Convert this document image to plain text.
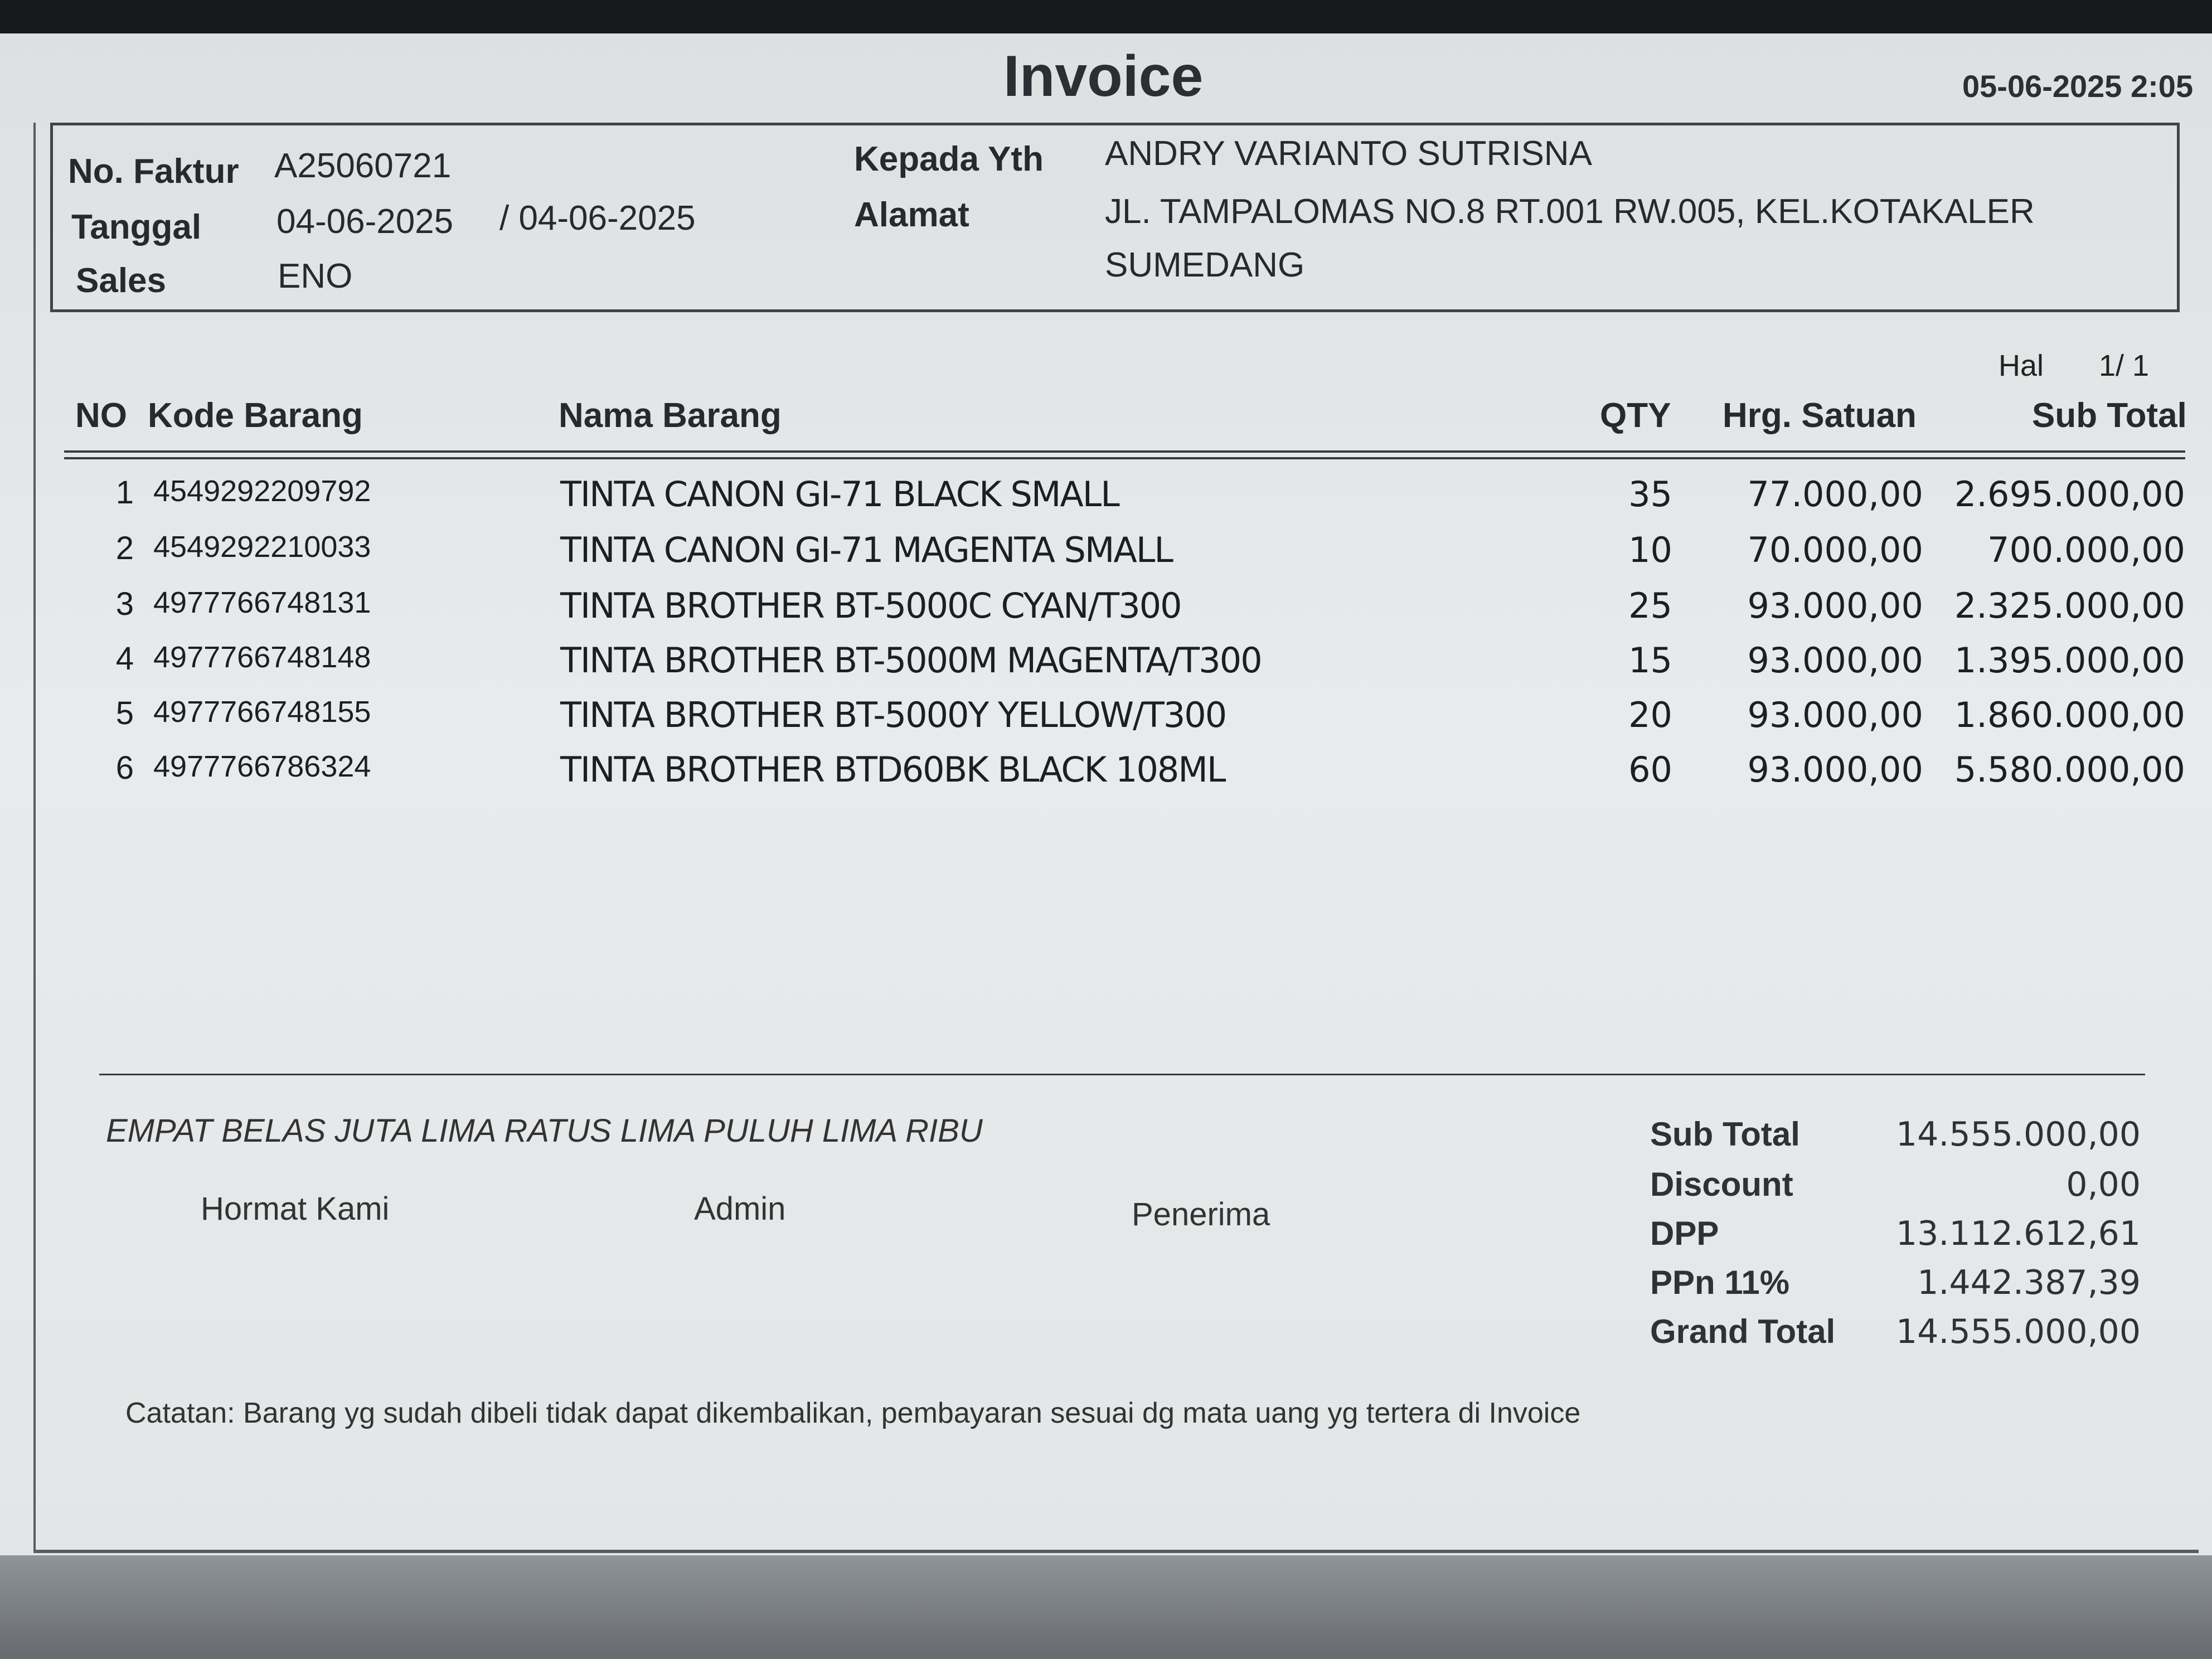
Invoice	05-06-2025 2:05
No. Faktur A25060721
Tanggal 04-06-2025 / 04-06-2025
Sales	ENO
Kepada Yth ANDRY VARIANTO SUTRISNA
Alamat	JL. TAMPALOMAS NO.8 RT.001 RW.005, KEL.KOTAKALER
SUMEDANG
Hal 1/ 1
NO Kode Barang	Nama Barang	QTY Hrg. Satuan	Sub Total
1 4549292209792	TINTA CANON GI-71 BLACK SMALL	35	77.000,00 2.695.000,00
2 4549292210033	TINTA CANON GI-71 MAGENTA SMALL	10	70.000,00	700.000,00
3 4977766748131	TINTA BROTHER BT-5000C CYAN/T300	25	93.000,00 2.325.000,00
4 4977766748148	TINTA BROTHER BT-5000M MAGENTA/T300	15	93.000,00 1.395.000,00
5 4977766748155	TINTA BROTHER BT-5000Y YELLOW/T300	20	93.000,00 1.860.000,00
6 4977766786324	TINTA BROTHER BTD60BK BLACK 108ML	60	93.000,00 5.580.000,00
EMPAT BELAS JUTA LIMA RATUS LIMA PULUH LIMA RIBU
Hormat Kami	Admin	Penerima
Sub Total	14.555.000,00
Discount	0,00
DPP	13.112.612,61
PPn 11%	1.442.387,39
Grand Total	14.555.000,00
Catatan: Barang yg sudah dibeli tidak dapat dikembalikan, pembayaran sesuai dg mata uang yg tertera di Invoice
